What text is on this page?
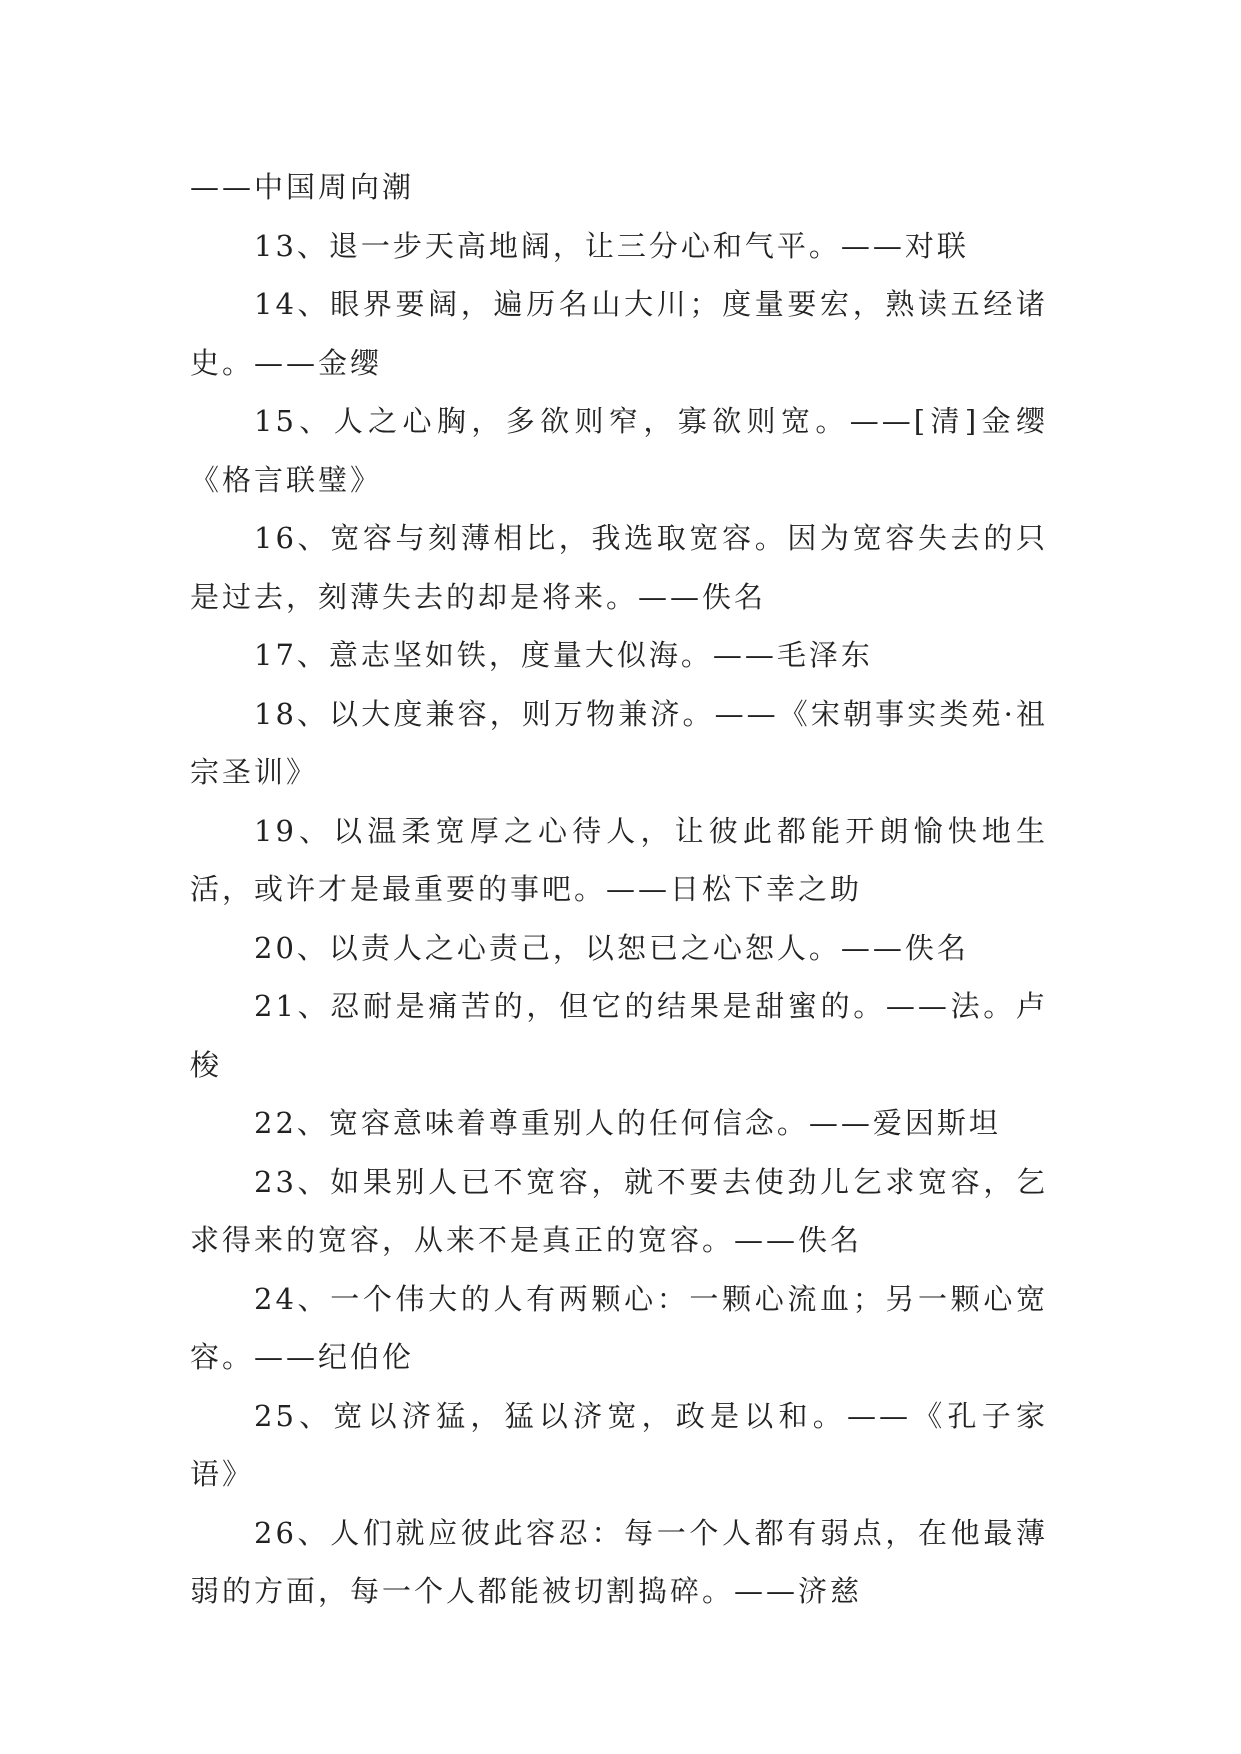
——中国周向潮

13、退一步天高地阔，让三分心和气平。——对联

14、眼界要阔，遍历名山大川；度量要宏，熟读五经诸史。——金缨

15、人之心胸，多欲则窄，寡欲则宽。——[清]金缨《格言联璧》

16、宽容与刻薄相比，我选取宽容。因为宽容失去的只是过去，刻薄失去的却是将来。——佚名

17、意志坚如铁，度量大似海。——毛泽东

18、以大度兼容，则万物兼济。——《宋朝事实类苑·祖宗圣训》

19、以温柔宽厚之心待人，让彼此都能开朗愉快地生活，或许才是最重要的事吧。——日松下幸之助

20、以责人之心责己，以恕已之心恕人。——佚名

21、忍耐是痛苦的，但它的结果是甜蜜的。——法。卢梭

22、宽容意味着尊重别人的任何信念。——爱因斯坦

23、如果别人已不宽容，就不要去使劲儿乞求宽容，乞求得来的宽容，从来不是真正的宽容。——佚名

24、一个伟大的人有两颗心：一颗心流血；另一颗心宽容。——纪伯伦

25、宽以济猛，猛以济宽，政是以和。——《孔子家语》

26、人们就应彼此容忍：每一个人都有弱点，在他最薄弱的方面，每一个人都能被切割捣碎。——济慈
